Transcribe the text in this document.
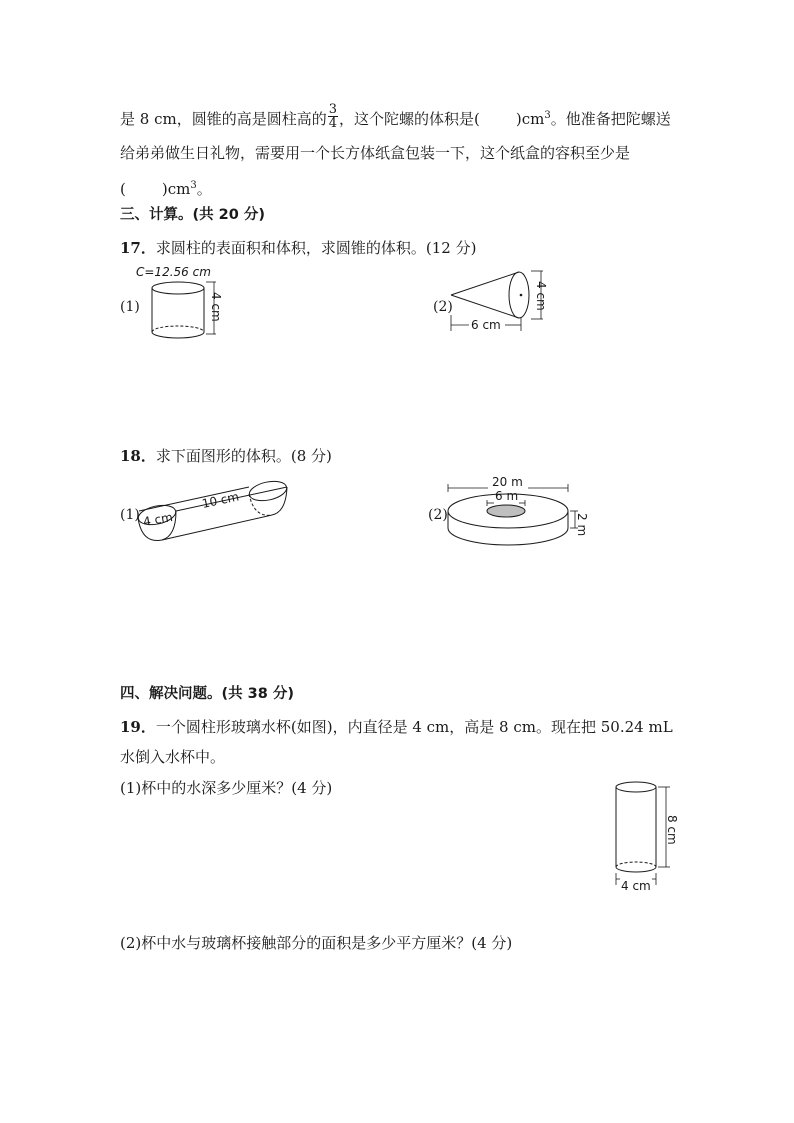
是 8 cm，圆锥的高是圆柱高的 $\frac{3}{4}$ ，这个陀螺的体积是( )$cm^3$。他准备把陀螺送
给弟弟做生日礼物，需要用一个长方体纸盒包装一下，这个纸盒的容积至少是
( )$cm^3$。
三、计算。(共 20 分)
17．求圆柱的表面积和体积，求圆锥的体积。(12 分)
(1)
C=12.56 cm
4 cm	(2)	4 cm
6 cm
18．求下面图形的体积。(8 分)
(1)
10 cm
4 cm	(2)
20 m
6 m
2 m
四、解决问题。(共 38 分)
19．一个圆柱形玻璃水杯(如图)，内直径是 4 cm，高是 8 cm。现在把 50.24 mL
水倒入水杯中。
(1)杯中的水深多少厘米？(4 分)
8 cm
4 cm
(2)杯中水与玻璃杯接触部分的面积是多少平方厘米？(4 分)
